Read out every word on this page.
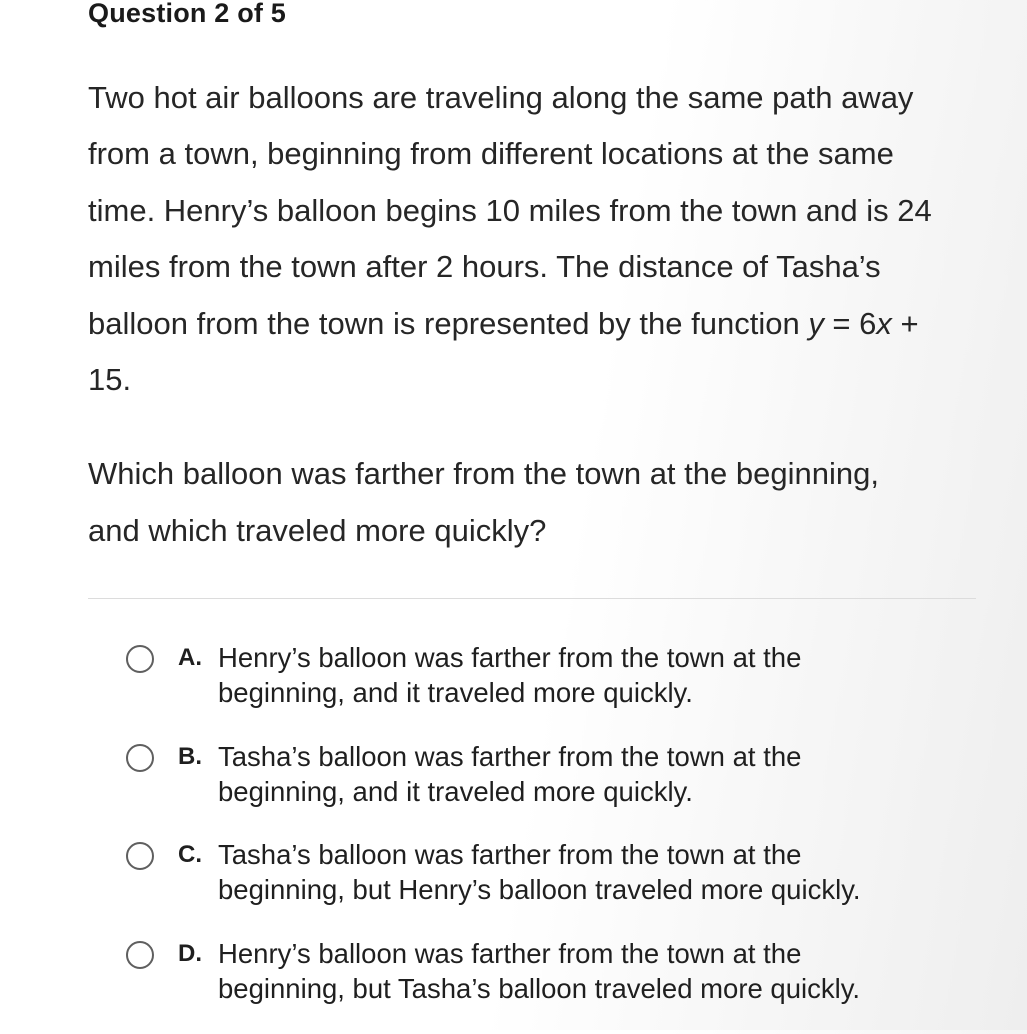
Question 2 of 5

Two hot air balloons are traveling along the same path away
from a town, beginning from different locations at the same
time. Henry’s balloon begins 10 miles from the town and is 24
miles from the town after 2 hours. The distance of Tasha’s
balloon from the town is represented by the function y = 6x +
15.

Which balloon was farther from the town at the beginning,
and which traveled more quickly?

A. Henry’s balloon was farther from the town at the
beginning, and it traveled more quickly.
B. Tasha’s balloon was farther from the town at the
beginning, and it traveled more quickly.
C. Tasha’s balloon was farther from the town at the
beginning, but Henry’s balloon traveled more quickly.
D. Henry’s balloon was farther from the town at the
beginning, but Tasha’s balloon traveled more quickly.
